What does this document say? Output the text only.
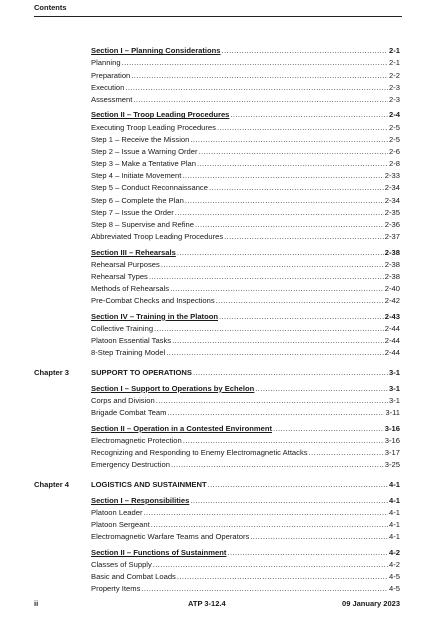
Contents
Section I – Planning Considerations .....	2-1
Planning .....	2-1
Preparation .....	2-2
Execution .....	2-3
Assessment .....	2-3
Section II – Troop Leading Procedures .....	2-4
Executing Troop Leading Procedures .....	2-5
Step 1 – Receive the Mission .....	2-5
Step 2 – Issue a Warning Order .....	2-6
Step 3 – Make a Tentative Plan .....	2-8
Step 4 – Initiate Movement .....	2-33
Step 5 – Conduct Reconnaissance .....	2-34
Step 6 – Complete the Plan .....	2-34
Step 7 – Issue the Order .....	2-35
Step 8 – Supervise and Refine .....	2-36
Abbreviated Troop Leading Procedures .....	2-37
Section III – Rehearsals .....	2-38
Rehearsal Purposes .....	2-38
Rehearsal Types .....	2-38
Methods of Rehearsals .....	2-40
Pre-Combat Checks and Inspections .....	2-42
Section IV – Training in the Platoon .....	2-43
Collective Training .....	2-44
Platoon Essential Tasks .....	2-44
8-Step Training Model .....	2-44
Chapter 3	SUPPORT TO OPERATIONS .....	3-1
Section I – Support to Operations by Echelon .....	3-1
Corps and Division .....	3-1
Brigade Combat Team .....	3-11
Section II – Operation in a Contested Environment .....	3-16
Electromagnetic Protection .....	3-16
Recognizing and Responding to Enemy Electromagnetic Attacks .....	3-17
Emergency Destruction .....	3-25
Chapter 4	LOGISTICS AND SUSTAINMENT .....	4-1
Section I – Responsibilities .....	4-1
Platoon Leader .....	4-1
Platoon Sergeant .....	4-1
Electromagnetic Warfare Teams and Operators .....	4-1
Section II – Functions of Sustainment .....	4-2
Classes of Supply .....	4-2
Basic and Combat Loads .....	4-5
Property Items .....	4-5
ii	ATP 3-12.4	09 January 2023
